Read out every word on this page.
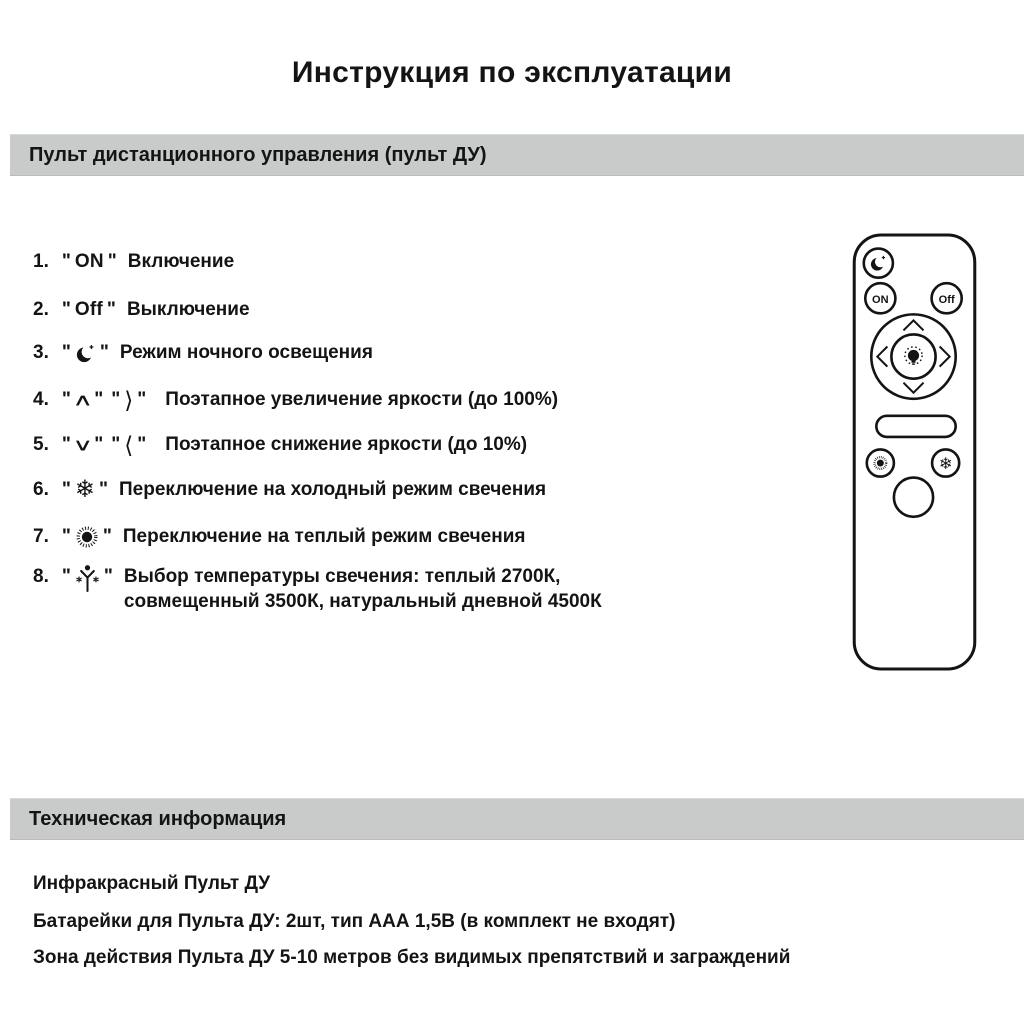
Инструкция по эксплуатации
Пульт дистанционного управления (пульт ДУ)
1. " ON " Включение
2. " Off " Выключение
3. " " Режим ночного освещения
4. " ∧ " " ⟩ " Поэтапное увеличение яркости (до 100%)
5. " ∨ " " ⟨ " Поэтапное снижение яркости (до 10%)
6. " ❄ " Переключение на холодный режим свечения
7. " " Переключение на теплый режим свечения
8. " " Выбор температуры свечения: теплый 2700К,
совмещенный 3500К, натуральный дневной 4500К
ON	Off
❄
Техническая информация
Инфракрасный Пульт ДУ
Батарейки для Пульта ДУ: 2шт, тип ААА 1,5В (в комплект не входят)
Зона действия Пульта ДУ 5-10 метров без видимых препятствий и заграждений
